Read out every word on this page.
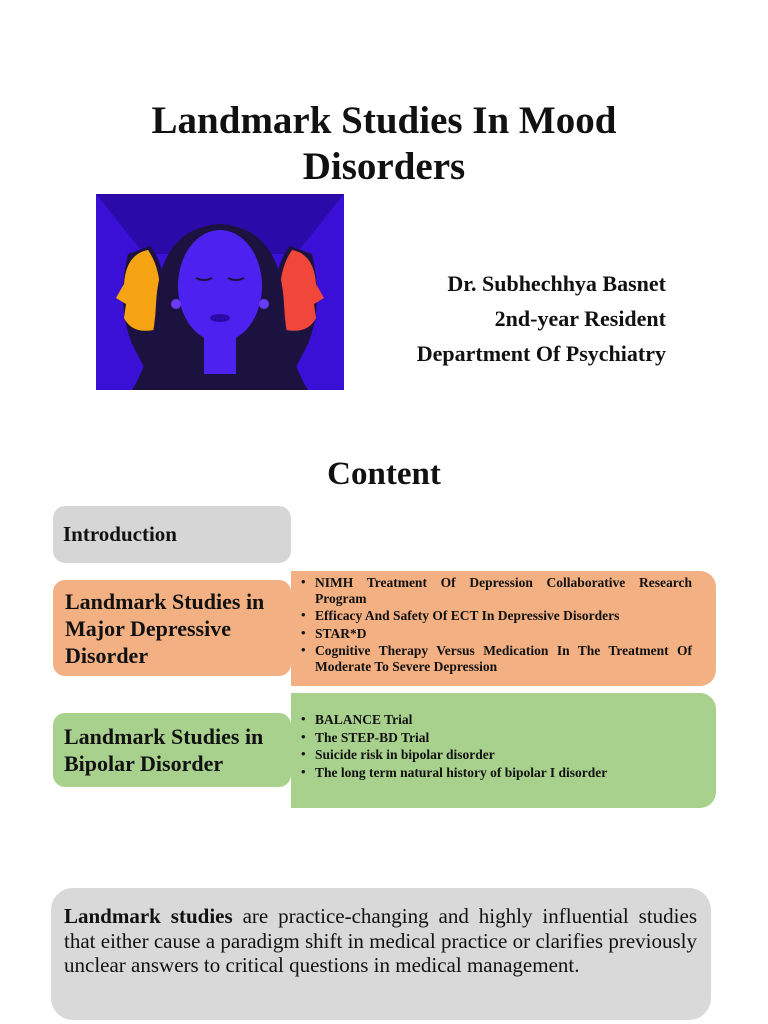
Landmark Studies In Mood
Disorders
Dr. Subhechhya Basnet
2nd-year Resident
Department Of Psychiatry
Content
Introduction
Landmark Studies in Major Depressive Disorder
• NIMH Treatment Of Depression Collaborative Research Program
• Efficacy And Safety Of ECT In Depressive Disorders
• STAR*D
• Cognitive Therapy Versus Medication In The Treatment Of Moderate To Severe Depression
Landmark Studies in Bipolar Disorder
• BALANCE Trial
• The STEP-BD Trial
• Suicide risk in bipolar disorder
• The long term natural history of bipolar I disorder
Landmark studies are practice-changing and highly influential studies that either cause a paradigm shift in medical practice or clarifies previously unclear answers to critical questions in medical management.
